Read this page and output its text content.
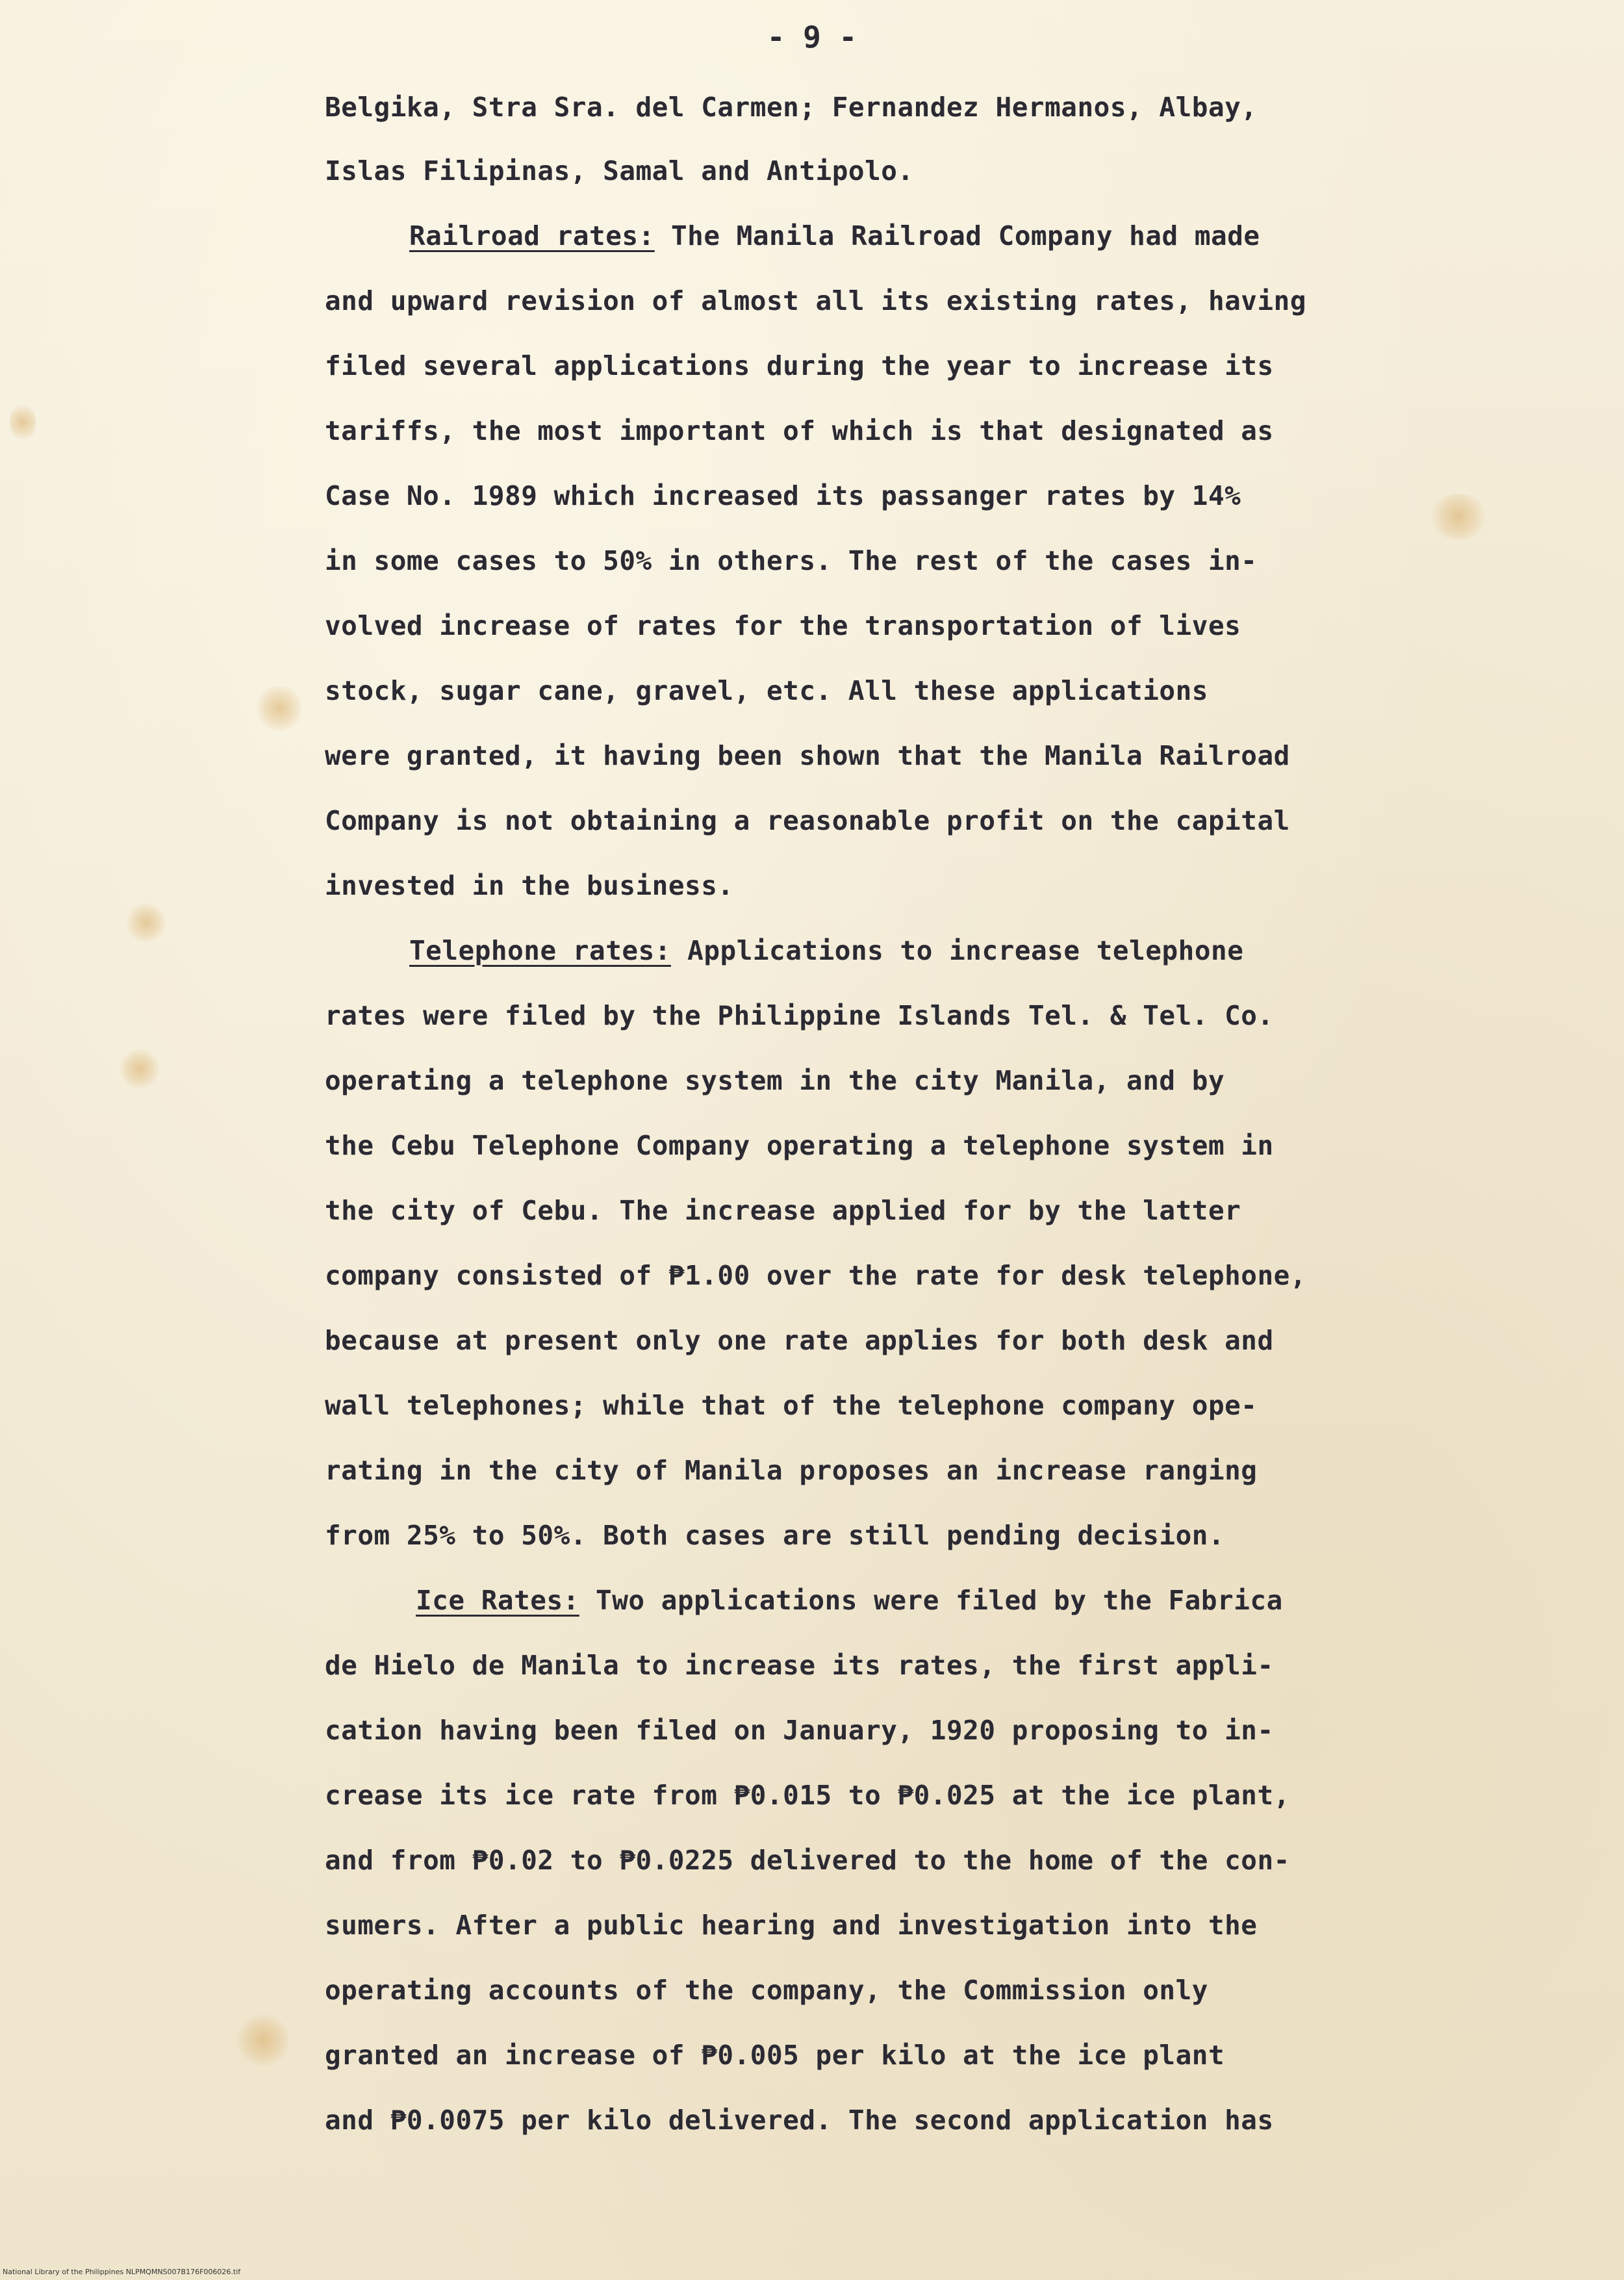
- 9 -
Belgika, Stra Sra. del Carmen; Fernandez Hermanos, Albay,
Islas Filipinas, Samal and Antipolo.
Railroad rates: The Manila Railroad Company had made
and upward revision of almost all its existing rates, having
filed several applications during the year to increase its
tariffs, the most important of which is that designated as
Case No. 1989 which increased its passanger rates by 14%
in some cases to 50% in others. The rest of the cases in-
volved increase of rates for the transportation of lives
stock, sugar cane, gravel, etc. All these applications
were granted, it having been shown that the Manila Railroad
Company is not obtaining a reasonable profit on the capital
invested in the business.
Telephone rates: Applications to increase telephone
rates were filed by the Philippine Islands Tel. & Tel. Co.
operating a telephone system in the city Manila, and by
the Cebu Telephone Company operating a telephone system in
the city of Cebu. The increase applied for by the latter
company consisted of ₱1.00 over the rate for desk telephone,
because at present only one rate applies for both desk and
wall telephones; while that of the telephone company ope-
rating in the city of Manila proposes an increase ranging
from 25% to 50%. Both cases are still pending decision.
Ice Rates: Two applications were filed by the Fabrica
de Hielo de Manila to increase its rates, the first appli-
cation having been filed on January, 1920 proposing to in-
crease its ice rate from ₱0.015 to ₱0.025 at the ice plant,
and from ₱0.02 to ₱0.0225 delivered to the home of the con-
sumers. After a public hearing and investigation into the
operating accounts of the company, the Commission only
granted an increase of ₱0.005 per kilo at the ice plant
and ₱0.0075 per kilo delivered. The second application has
National Library of the Philippines NLPMQMNS007B176F006026.tif
